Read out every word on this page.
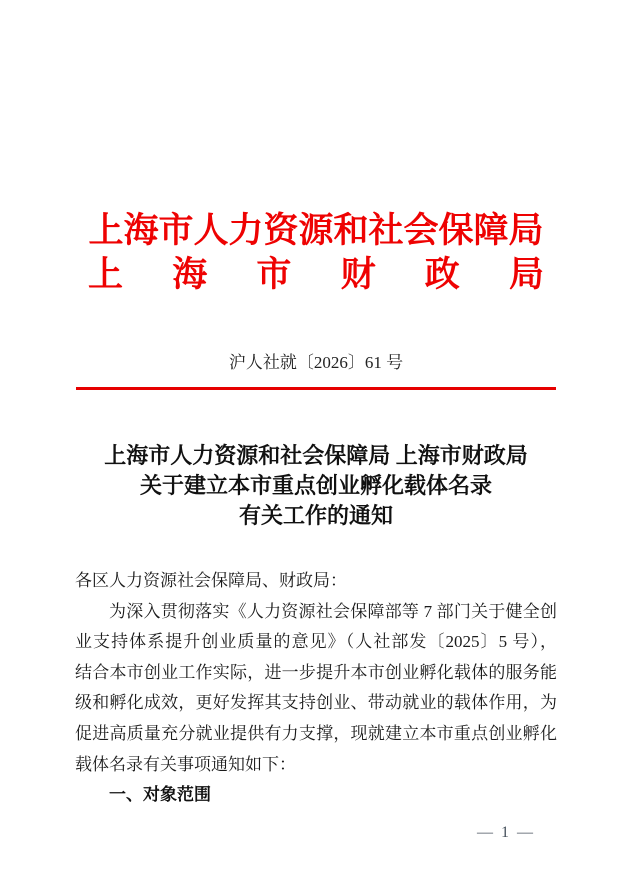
上海市人力资源和社会保障局
上海市财政局
沪人社就〔2026〕61 号
上海市人力资源和社会保障局 上海市财政局
关于建立本市重点创业孵化载体名录
有关工作的通知
各区人力资源社会保障局、财政局：
为深入贯彻落实《人力资源社会保障部等 7 部门关于健全创
业支持体系提升创业质量的意见》（人社部发〔2025〕5 号），
结合本市创业工作实际，进一步提升本市创业孵化载体的服务能
级和孵化成效，更好发挥其支持创业、带动就业的载体作用，为
促进高质量充分就业提供有力支撑，现就建立本市重点创业孵化
载体名录有关事项通知如下：
一、对象范围
— 1 —
